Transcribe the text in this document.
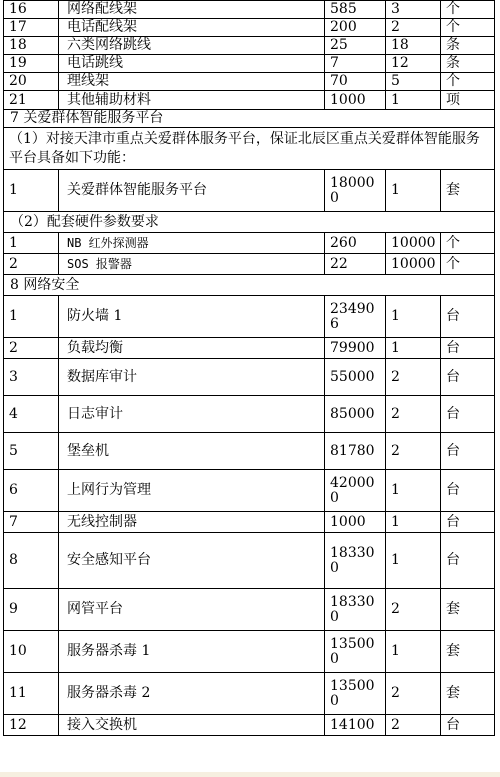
16	网络配线架	585	3	个
17	电话配线架	200	2	个
18	六类网络跳线	25	18	条
19	电话跳线	7	12	条
20	理线架	70	5	个
21	其他辅助材料	1000	1	项
7 关爱群体智能服务平台				
（1）对接天津市重点关爱群体服务平台，保证北辰区重点关爱群体智能服务平台具备如下功能：				
1	关爱群体智能服务平台	180000	1	套
（2）配套硬件参数要求				
1	NB 红外探测器	260	10000	个
2	SOS 报警器	22	10000	个
8 网络安全				
1	防火墙 1	234906	1	台
2	负载均衡	79900	1	台
3	数据库审计	55000	2	台
4	日志审计	85000	2	台
5	堡垒机	81780	2	台
6	上网行为管理	420000	1	台
7	无线控制器	1000	1	台
8	安全感知平台	183300	1	台
9	网管平台	183300	2	套
10	服务器杀毒 1	135000	1	套
11	服务器杀毒 2	135000	2	套
12	接入交换机	14100	2	台
